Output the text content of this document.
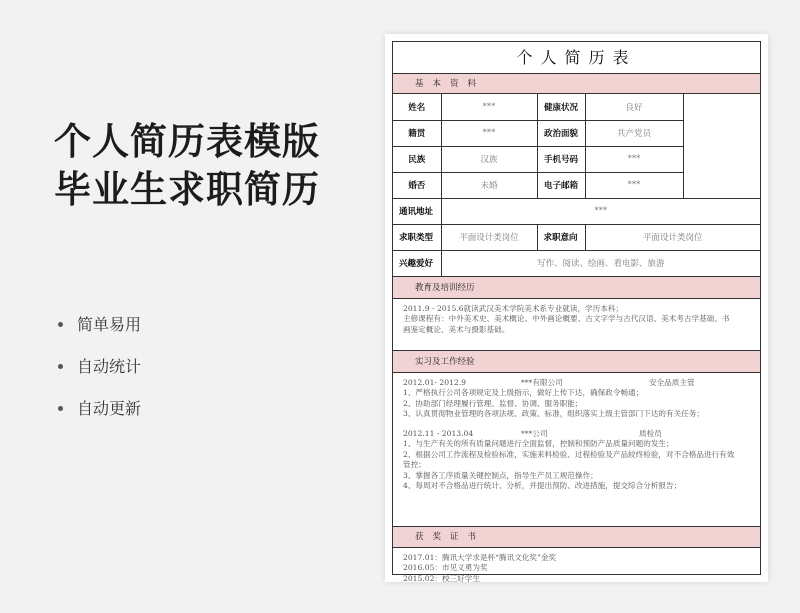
个人简历表模版
毕业生求职简历
简单易用
自动统计
自动更新
个人简历表
基本资料
姓名	***	健康状况	良好	
籍贯	***	政治面貌	共产党员	
民族	汉族	手机号码	***	
婚否	未婚	电子邮箱	***	
通讯地址	***			
求职类型	平面设计类岗位	求职意向	平面设计类岗位	
兴趣爱好	写作、阅读、绘画、看电影、旅游			
教育及培训经历
2011.9 - 2015.6就读武汉美术学院美术系专业就读，学历本科；
主修课程有：中外美术史、美术概论、中外画论概要、古文字学与古代汉语、美术考古学基础、书
画鉴定概论、美术与摄影基础。
实习及工作经验
2012.01- 2012.9	***有限公司	安全品质主管
1、严格执行公司各项规定及上级指示，做好上传下达，确保政令畅通；
2、协助部门经理履行管理、监督、协调、服务职能；
3、认真贯彻物业管理的各项法规、政策、标准，组织落实上级主管部门下达的有关任务；
2012.11 - 2013.04	***公司	质检员
1、与生产有关的所有质量问题进行全面监督，控制和预防产品质量问题的发生；
2、根据公司工作流程及检验标准，实施来料检验、过程检验及产品较终检验，对不合格品进行有效
管控；
3、掌握各工序质量关键控制点，指导生产员工规范操作；
4、每周对不合格品进行统计、分析，并提出预防、改进措施，提交综合分析报告；
获奖证书
2017.01：腾讯大学求是杯“腾讯文化奖”金奖
2016.05：市见义勇为奖
2015.02：校三好学生
